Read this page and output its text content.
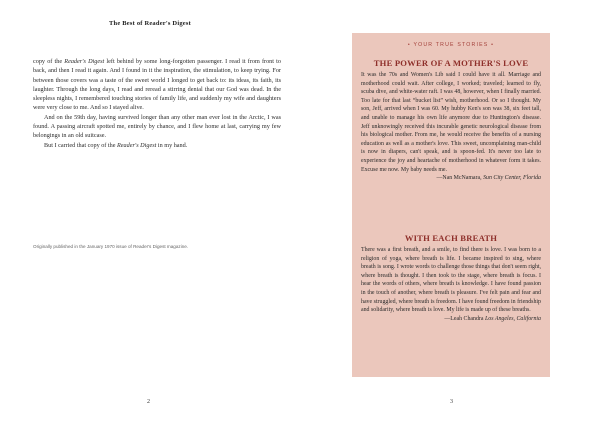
The Best of Reader's Digest

copy of the Reader's Digest left behind by some long-forgotten passenger. I read it from front to back, and then I read it again. And I found in it the inspiration, the stimulation, to keep trying. For between those covers was a taste of the sweet world I longed to get back to: its ideas, its faith, its laughter. Through the long days, I read and reread a stirring denial that our God was dead. In the sleepless nights, I remembered touching stories of family life, and suddenly my wife and daughters were very close to me. And so I stayed alive.

And on the 59th day, having survived longer than any other man ever lost in the Arctic, I was found. A passing aircraft spotted me, entirely by chance, and I flew home at last, carrying my few belongings in an old suitcase.

But I carried that copy of the Reader's Digest in my hand.

Originally published in the January 1970 issue of Reader's Digest magazine.
2
• YOUR TRUE STORIES •
THE POWER OF A MOTHER'S LOVE
It was the 70s and Women's Lib said I could have it all. Marriage and motherhood could wait. After college, I worked; traveled; learned to fly, scuba dive, and white-water raft. I was 48, however, when I finally married. Too late for that last “bucket list” wish, motherhood. Or so I thought. My son, Jeff, arrived when I was 60. My hubby Ken's son was 38, six feet tall, and unable to manage his own life anymore due to Huntington's disease. Jeff unknowingly received this incurable genetic neurological disease from his biological mother. From me, he would receive the benefits of a nursing education as well as a mother's love. This sweet, uncomplaining man-child is now in diapers, can't speak, and is spoon-fed. It's never too late to experience the joy and heartache of motherhood in whatever form it takes. Excuse me now. My baby needs me.
—Nan McNamara, Sun City Center, Florida
WITH EACH BREATH
There was a first breath, and a smile, to find there is love. I was born to a religion of yoga, where breath is life. I became inspired to sing, where breath is song. I wrote words to challenge those things that don't seem right, where breath is thought. I then took to the stage, where breath is focus. I hear the words of others, where breath is knowledge. I have found passion in the touch of another, where breath is pleasure. I've felt pain and fear and have struggled, where breath is freedom. I have found freedom in friendship and solidarity, where breath is love. My life is made up of these breaths.
—Leah Chandra Los Angeles, California
3
